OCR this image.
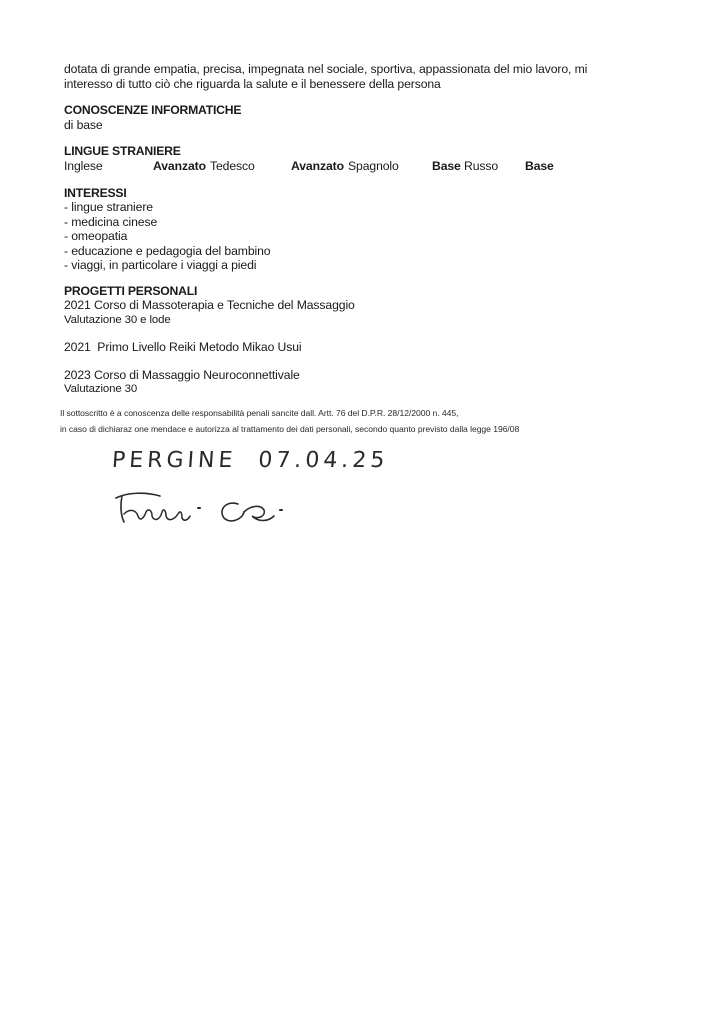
dotata di grande empatia, precisa, impegnata nel sociale, sportiva, appassionata del mio lavoro, mi
interesso di tutto ciò che riguarda la salute e il benessere della persona
CONOSCENZE INFORMATICHE
di base
LINGUE STRANIERE
Inglese	Avanzato Tedesco	Avanzato Spagnolo	Base Russo Base
INTERESSI
- lingue straniere
- medicina cinese
- omeopatia
- educazione e pedagogia del bambino
- viaggi, in particolare i viaggi a piedi
PROGETTI PERSONALI
2021 Corso di Massoterapia e Tecniche del Massaggio
Valutazione 30 e lode
2021  Primo Livello Reiki Metodo Mikao Usui
2023 Corso di Massaggio Neuroconnettivale
Valutazione 30
Il sottoscritto è a conoscenza delle responsabilità penali sancite dall. Artt. 76 del D.P.R. 28/12/2000 n. 445,
in caso di dichiaraz one mendace e autorizza al trattamento dei dati personali, secondo quanto previsto dalla legge 196/08
PERGINE 07.04.25
